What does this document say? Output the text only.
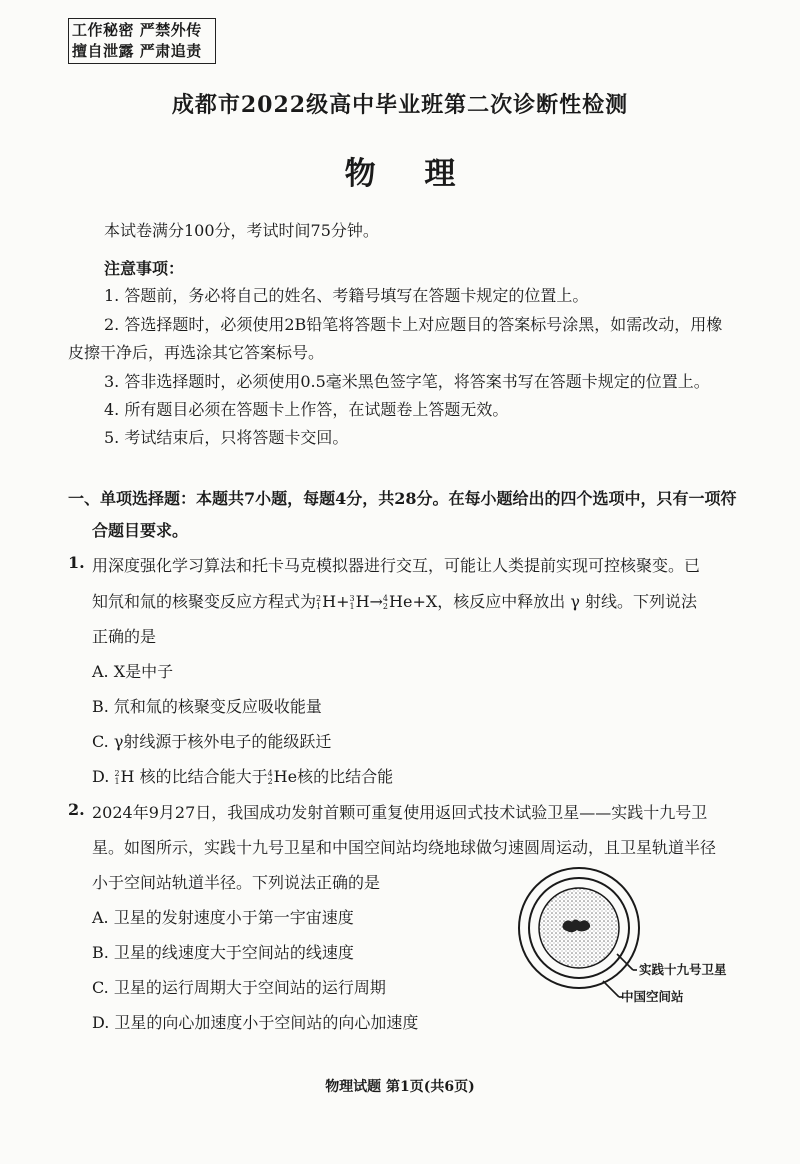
工作秘密 严禁外传
擅自泄露 严肃追责
成都市2022级高中毕业班第二次诊断性检测
物 理
本试卷满分100分，考试时间75分钟。
注意事项：
1. 答题前，务必将自己的姓名、考籍号填写在答题卡规定的位置上。
2. 答选择题时，必须使用2B铅笔将答题卡上对应题目的答案标号涂黑，如需改动，用橡
皮擦干净后，再选涂其它答案标号。
3. 答非选择题时，必须使用0.5毫米黑色签字笔，将答案书写在答题卡规定的位置上。
4. 所有题目必须在答题卡上作答，在试题卷上答题无效。
5. 考试结束后，只将答题卡交回。
一、单项选择题：本题共7小题，每题4分，共28分。在每小题给出的四个选项中，只有一项符
合题目要求。
1. 用深度强化学习算法和托卡马克模拟器进行交互，可能让人类提前实现可控核聚变。已
知氘和氚的核聚变反应方程式为 2
1 H+ 3
1 H→ 4
2 He+X，核反应中释放出 γ 射线。下列说法
正确的是
A. X是中子
B. 氘和氚的核聚变反应吸收能量
C. γ射线源于核外电子的能级跃迁
D. 2
1 H 核的比结合能大于 4
2 He核的比结合能
2. 2024年9月27日，我国成功发射首颗可重复使用返回式技术试验卫星——实践十九号卫
星。如图所示，实践十九号卫星和中国空间站均绕地球做匀速圆周运动，且卫星轨道半径
小于空间站轨道半径。下列说法正确的是
A. 卫星的发射速度小于第一宇宙速度
B. 卫星的线速度大于空间站的线速度
C. 卫星的运行周期大于空间站的运行周期
D. 卫星的向心加速度小于空间站的向心加速度
实践十九号卫星
中国空间站
物理试题 第1页(共6页)
